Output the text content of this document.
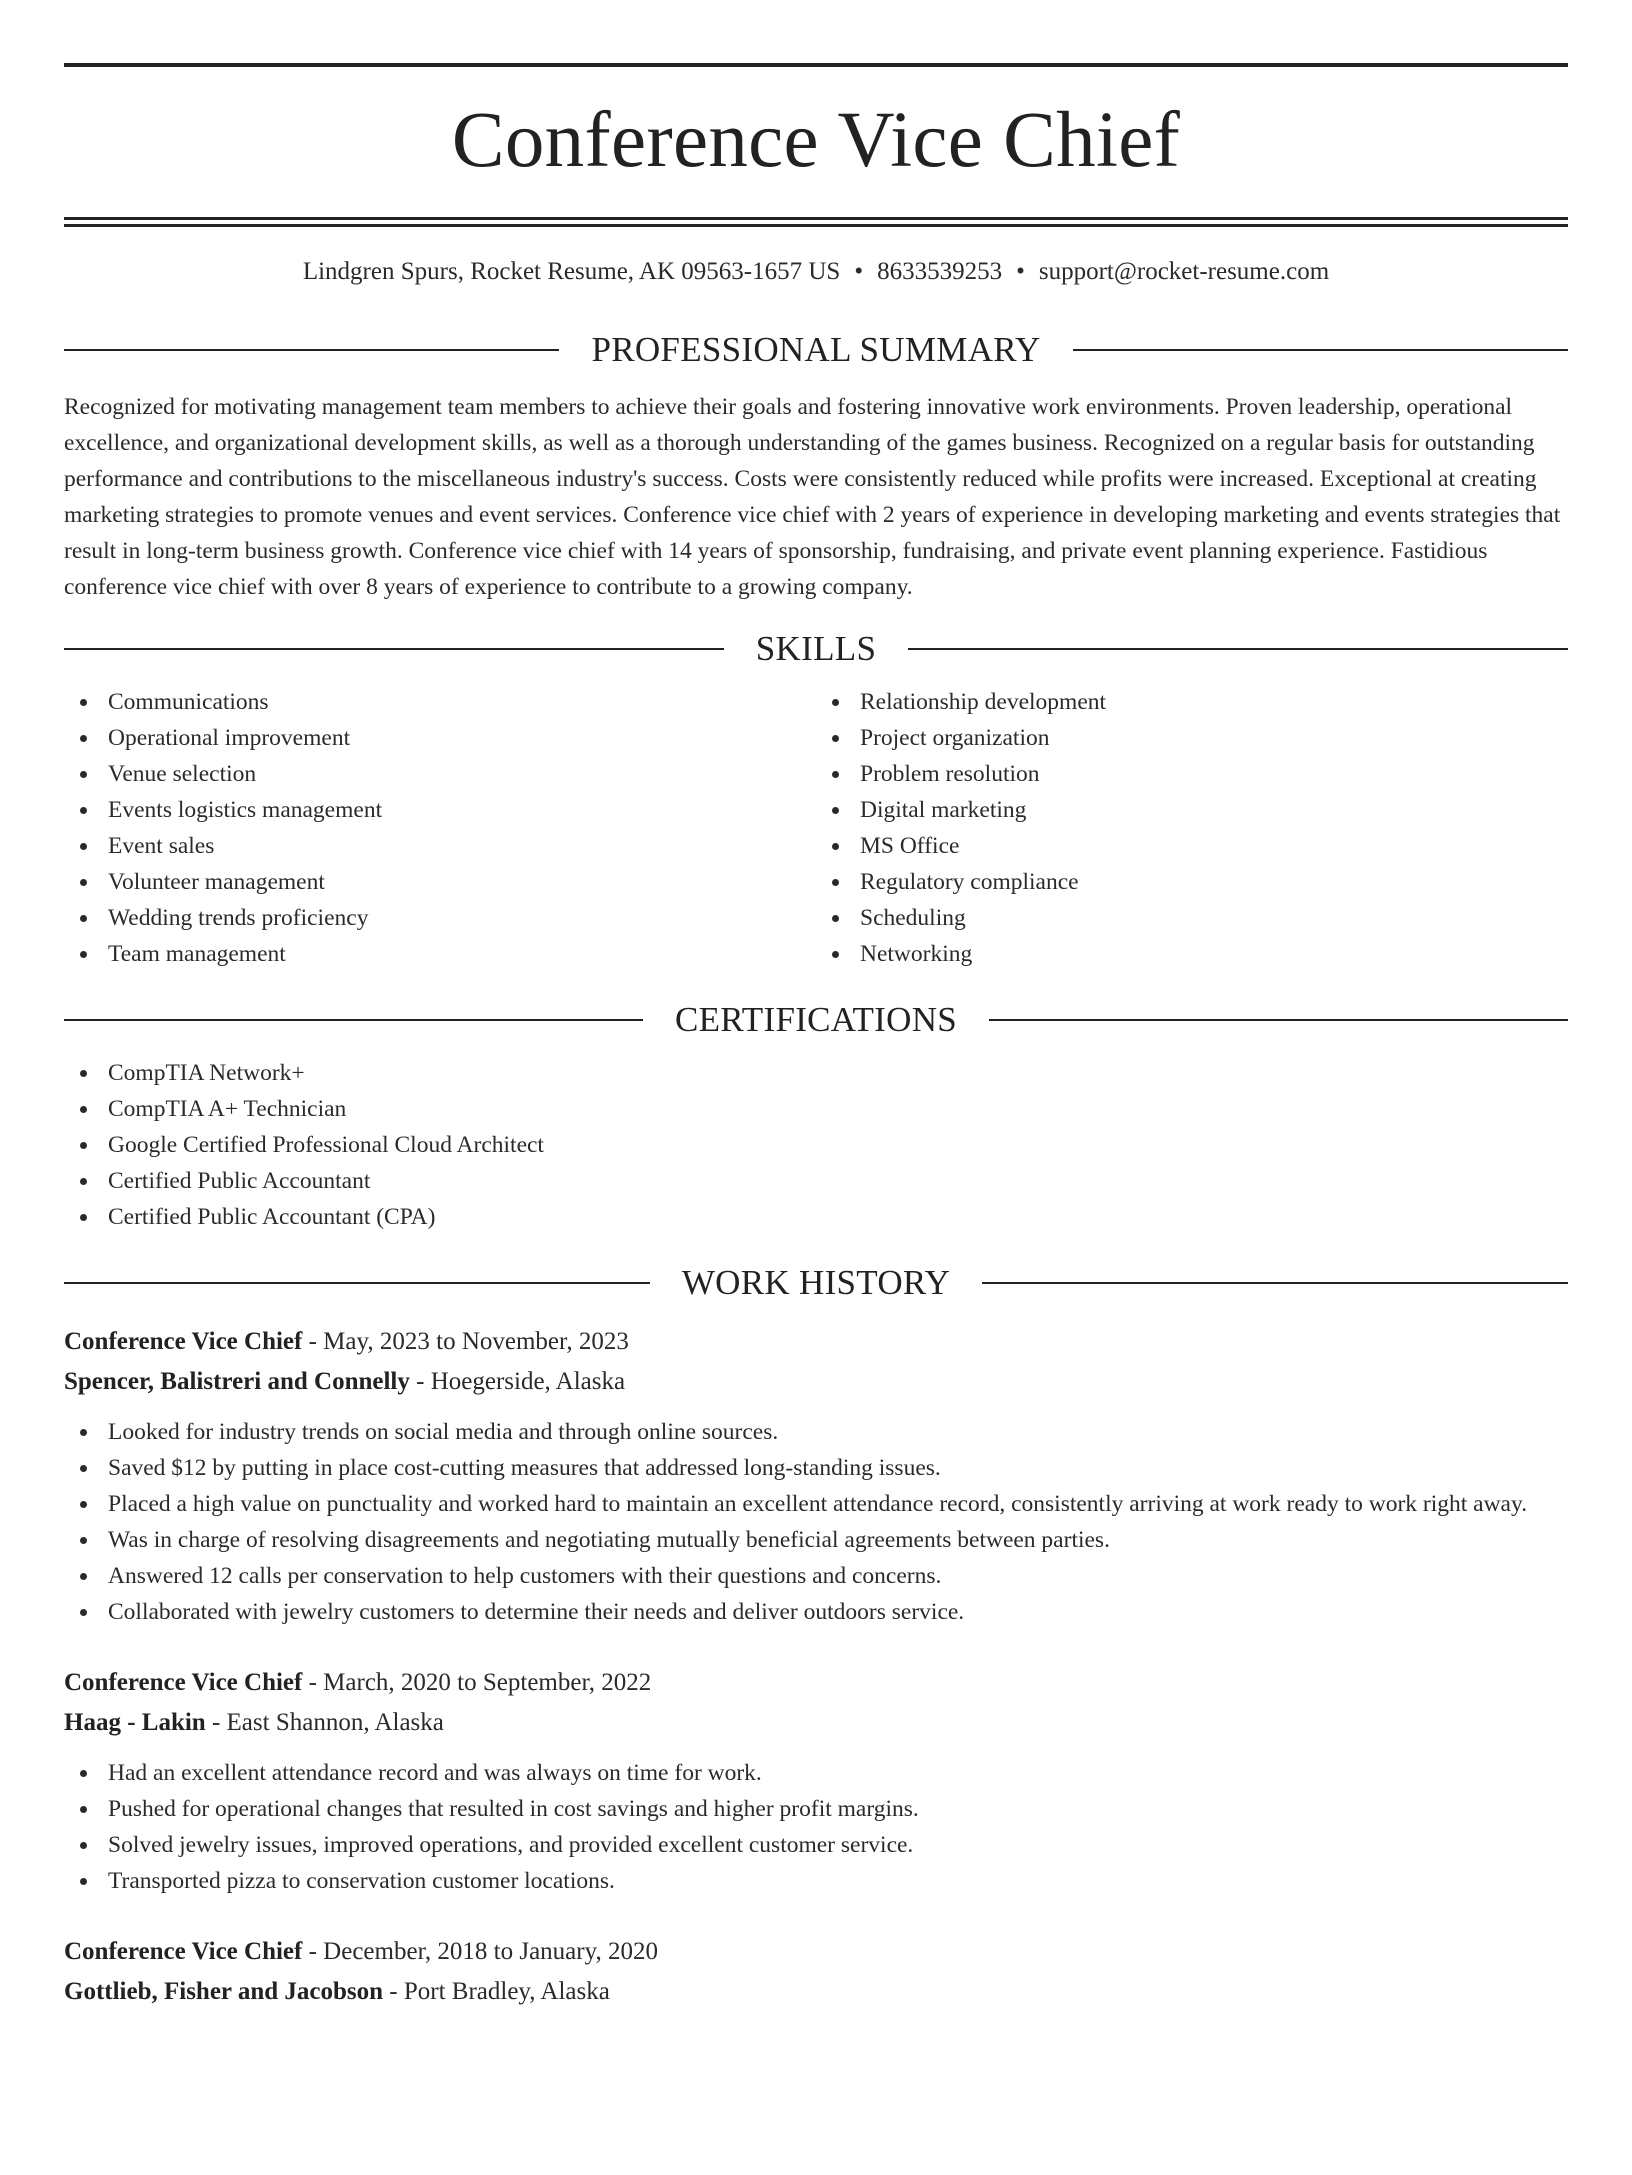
Conference Vice Chief
Lindgren Spurs, Rocket Resume, AK 09563-1657 US • 8633539253 • support@rocket-resume.com
PROFESSIONAL SUMMARY
Recognized for motivating management team members to achieve their goals and fostering innovative work environments. Proven leadership, operational excellence, and organizational development skills, as well as a thorough understanding of the games business. Recognized on a regular basis for outstanding performance and contributions to the miscellaneous industry's success. Costs were consistently reduced while profits were increased. Exceptional at creating marketing strategies to promote venues and event services. Conference vice chief with 2 years of experience in developing marketing and events strategies that result in long-term business growth. Conference vice chief with 14 years of sponsorship, fundraising, and private event planning experience. Fastidious conference vice chief with over 8 years of experience to contribute to a growing company.
SKILLS
Communications
Operational improvement
Venue selection
Events logistics management
Event sales
Volunteer management
Wedding trends proficiency
Team management
Relationship development
Project organization
Problem resolution
Digital marketing
MS Office
Regulatory compliance
Scheduling
Networking
CERTIFICATIONS
CompTIA Network+
CompTIA A+ Technician
Google Certified Professional Cloud Architect
Certified Public Accountant
Certified Public Accountant (CPA)
WORK HISTORY
Conference Vice Chief - May, 2023 to November, 2023
Spencer, Balistreri and Connelly - Hoegerside, Alaska
Looked for industry trends on social media and through online sources.
Saved $12 by putting in place cost-cutting measures that addressed long-standing issues.
Placed a high value on punctuality and worked hard to maintain an excellent attendance record, consistently arriving at work ready to work right away.
Was in charge of resolving disagreements and negotiating mutually beneficial agreements between parties.
Answered 12 calls per conservation to help customers with their questions and concerns.
Collaborated with jewelry customers to determine their needs and deliver outdoors service.
Conference Vice Chief - March, 2020 to September, 2022
Haag - Lakin - East Shannon, Alaska
Had an excellent attendance record and was always on time for work.
Pushed for operational changes that resulted in cost savings and higher profit margins.
Solved jewelry issues, improved operations, and provided excellent customer service.
Transported pizza to conservation customer locations.
Conference Vice Chief - December, 2018 to January, 2020
Gottlieb, Fisher and Jacobson - Port Bradley, Alaska
